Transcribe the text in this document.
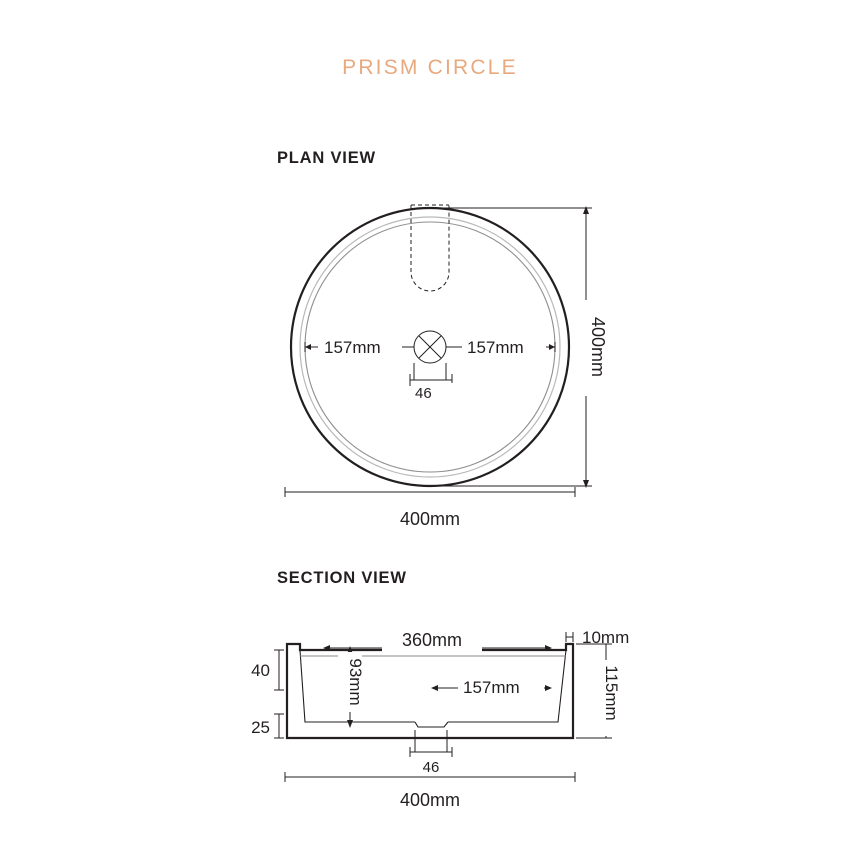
PRISM CIRCLE
PLAN VIEW
SECTION VIEW
157mm	157mm
46
400mm
400mm
10mm
360mm
157mm
93mm
40
25
115mm
46
400mm
